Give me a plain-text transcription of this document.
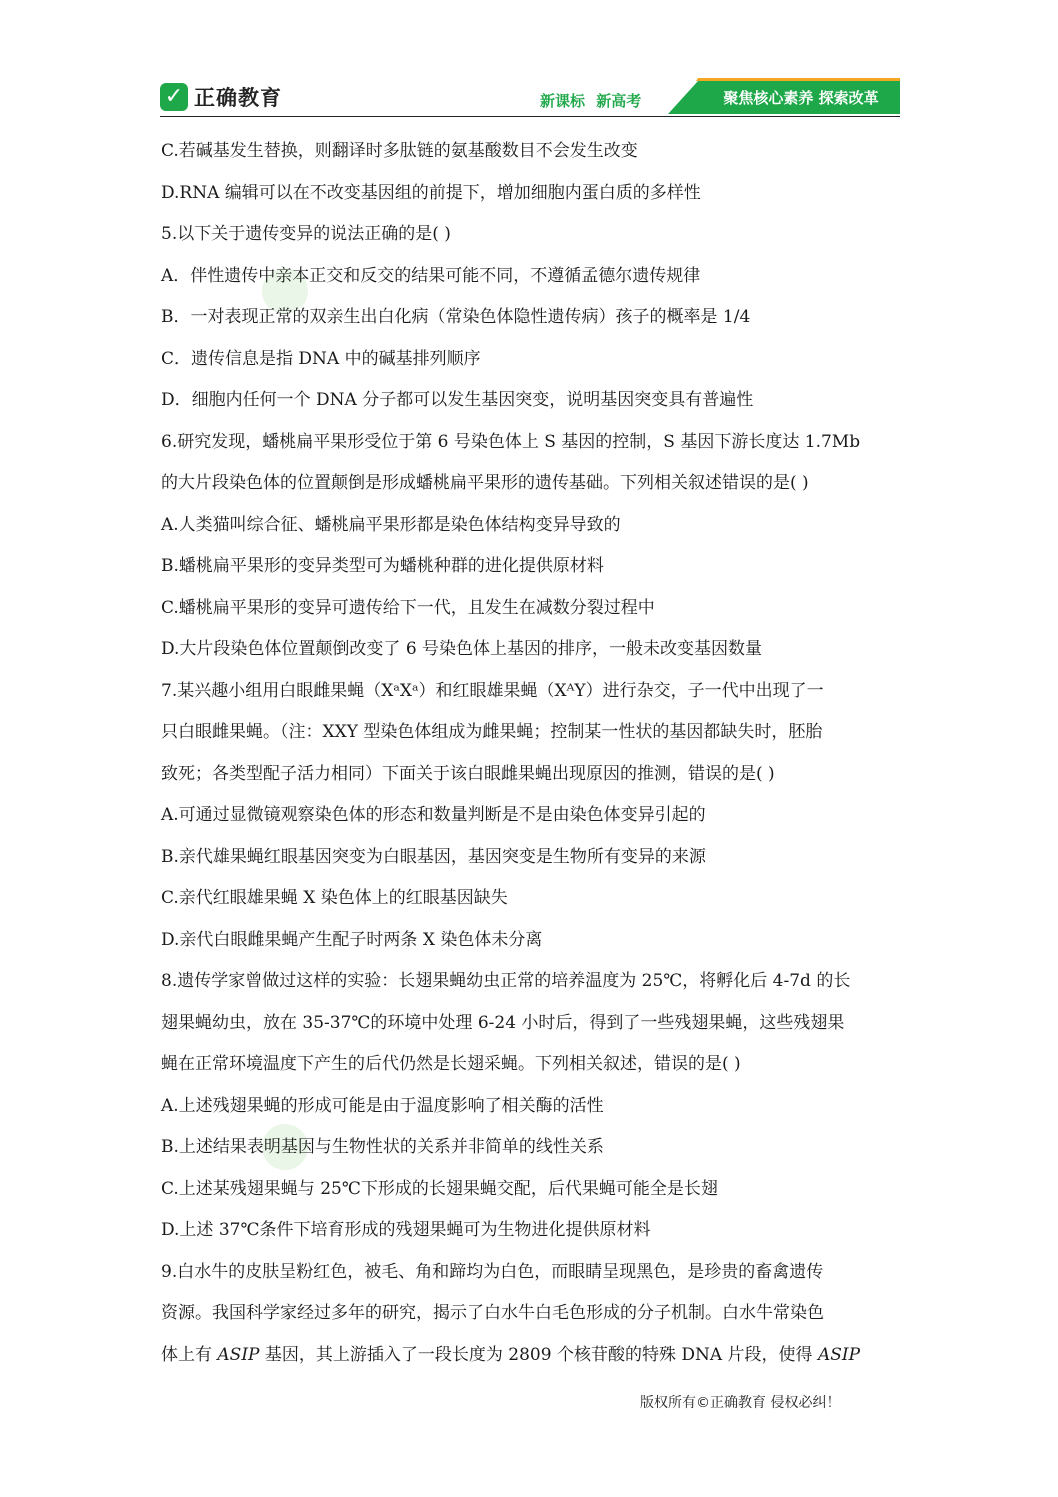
✓ 正确教育	新课标 新高考	聚焦核心素养 探索改革
C.若碱基发生替换，则翻译时多肽链的氨基酸数目不会发生改变
D.RNA 编辑可以在不改变基因组的前提下，增加细胞内蛋白质的多样性
5.以下关于遗传变异的说法正确的是( )
A．伴性遗传中亲本正交和反交的结果可能不同，不遵循孟德尔遗传规律
B．一对表现正常的双亲生出白化病（常染色体隐性遗传病）孩子的概率是 1/4
C．遗传信息是指 DNA 中的碱基排列顺序
D．细胞内任何一个 DNA 分子都可以发生基因突变，说明基因突变具有普遍性
6.研究发现，蟠桃扁平果形受位于第 6 号染色体上 S 基因的控制，S 基因下游长度达 1.7Mb
的大片段染色体的位置颠倒是形成蟠桃扁平果形的遗传基础。下列相关叙述错误的是( )
A.人类猫叫综合征、蟠桃扁平果形都是染色体结构变异导致的
B.蟠桃扁平果形的变异类型可为蟠桃种群的进化提供原材料
C.蟠桃扁平果形的变异可遗传给下一代，且发生在减数分裂过程中
D.大片段染色体位置颠倒改变了 6 号染色体上基因的排序，一般未改变基因数量
7.某兴趣小组用白眼雌果蝇（XᵃXᵃ）和红眼雄果蝇（XᴬY）进行杂交，子一代中出现了一
只白眼雌果蝇。（注：XXY 型染色体组成为雌果蝇；控制某一性状的基因都缺失时，胚胎
致死；各类型配子活力相同）下面关于该白眼雌果蝇出现原因的推测，错误的是( )
A.可通过显微镜观察染色体的形态和数量判断是不是由染色体变异引起的
B.亲代雄果蝇红眼基因突变为白眼基因，基因突变是生物所有变异的来源
C.亲代红眼雄果蝇 X 染色体上的红眼基因缺失
D.亲代白眼雌果蝇产生配子时两条 X 染色体未分离
8.遗传学家曾做过这样的实验：长翅果蝇幼虫正常的培养温度为 25℃，将孵化后 4-7d 的长
翅果蝇幼虫，放在 35-37℃的环境中处理 6-24 小时后，得到了一些残翅果蝇，这些残翅果
蝇在正常环境温度下产生的后代仍然是长翅采蝇。下列相关叙述，错误的是( )
A.上述残翅果蝇的形成可能是由于温度影响了相关酶的活性
B.上述结果表明基因与生物性状的关系并非简单的线性关系
C.上述某残翅果蝇与 25℃下形成的长翅果蝇交配，后代果蝇可能全是长翅
D.上述 37℃条件下培育形成的残翅果蝇可为生物进化提供原材料
9.白水牛的皮肤呈粉红色，被毛、角和蹄均为白色，而眼睛呈现黑色，是珍贵的畜禽遗传
资源。我国科学家经过多年的研究，揭示了白水牛白毛色形成的分子机制。白水牛常染色
体上有 ASIP 基因，其上游插入了一段长度为 2809 个核苷酸的特殊 DNA 片段，使得 ASIP
版权所有©正确教育 侵权必纠！
